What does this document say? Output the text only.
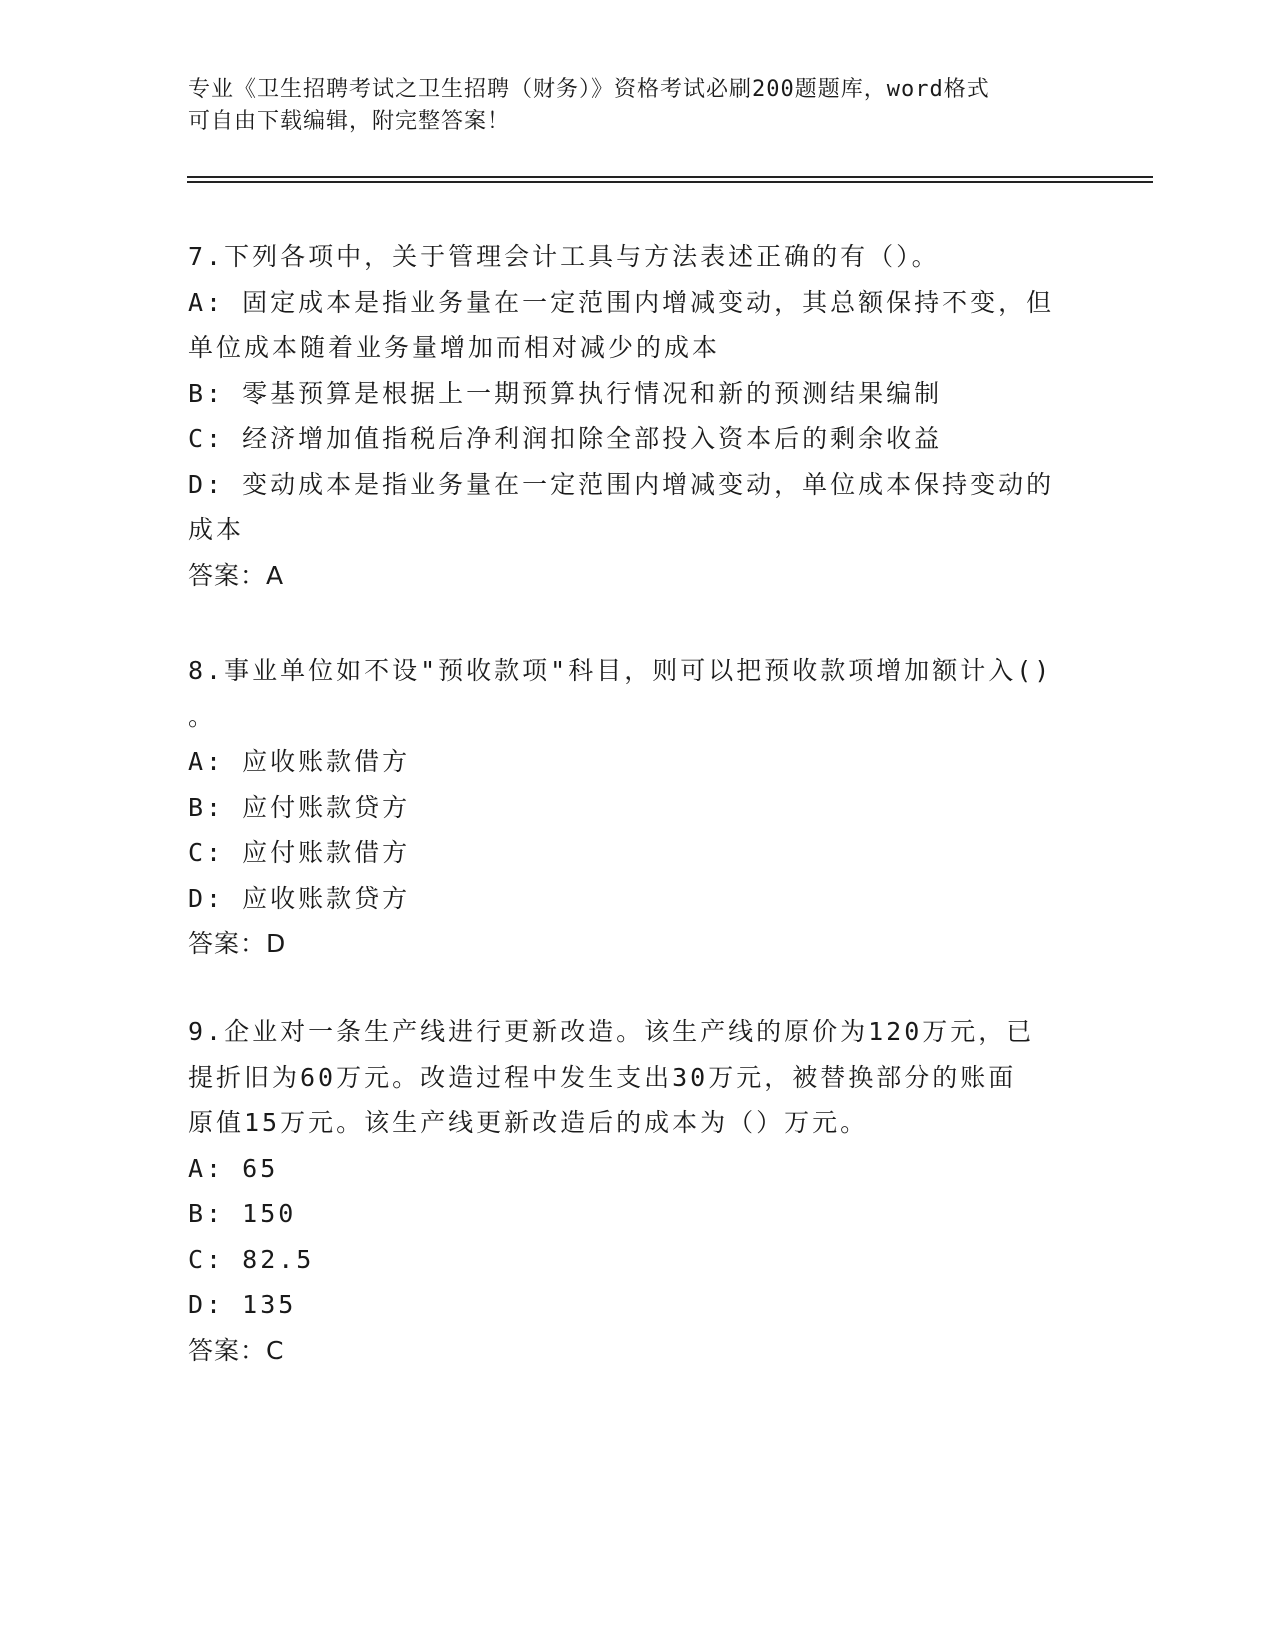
专业《卫生招聘考试之卫生招聘（财务）》资格考试必刷200题题库，word格式
可自由下载编辑，附完整答案！
7.下列各项中，关于管理会计工具与方法表述正确的有（）。
A: 固定成本是指业务量在一定范围内增减变动，其总额保持不变，但
单位成本随着业务量增加而相对减少的成本
B: 零基预算是根据上一期预算执行情况和新的预测结果编制
C: 经济增加值指税后净利润扣除全部投入资本后的剩余收益
D: 变动成本是指业务量在一定范围内增减变动，单位成本保持变动的
成本
答案：A
8.事业单位如不设"预收款项"科目，则可以把预收款项增加额计入()
。
A: 应收账款借方
B: 应付账款贷方
C: 应付账款借方
D: 应收账款贷方
答案：D
9.企业对一条生产线进行更新改造。该生产线的原价为120万元，已
提折旧为60万元。改造过程中发生支出30万元，被替换部分的账面
原值15万元。该生产线更新改造后的成本为（）万元。
A: 65
B: 150
C: 82.5
D: 135
答案：C
